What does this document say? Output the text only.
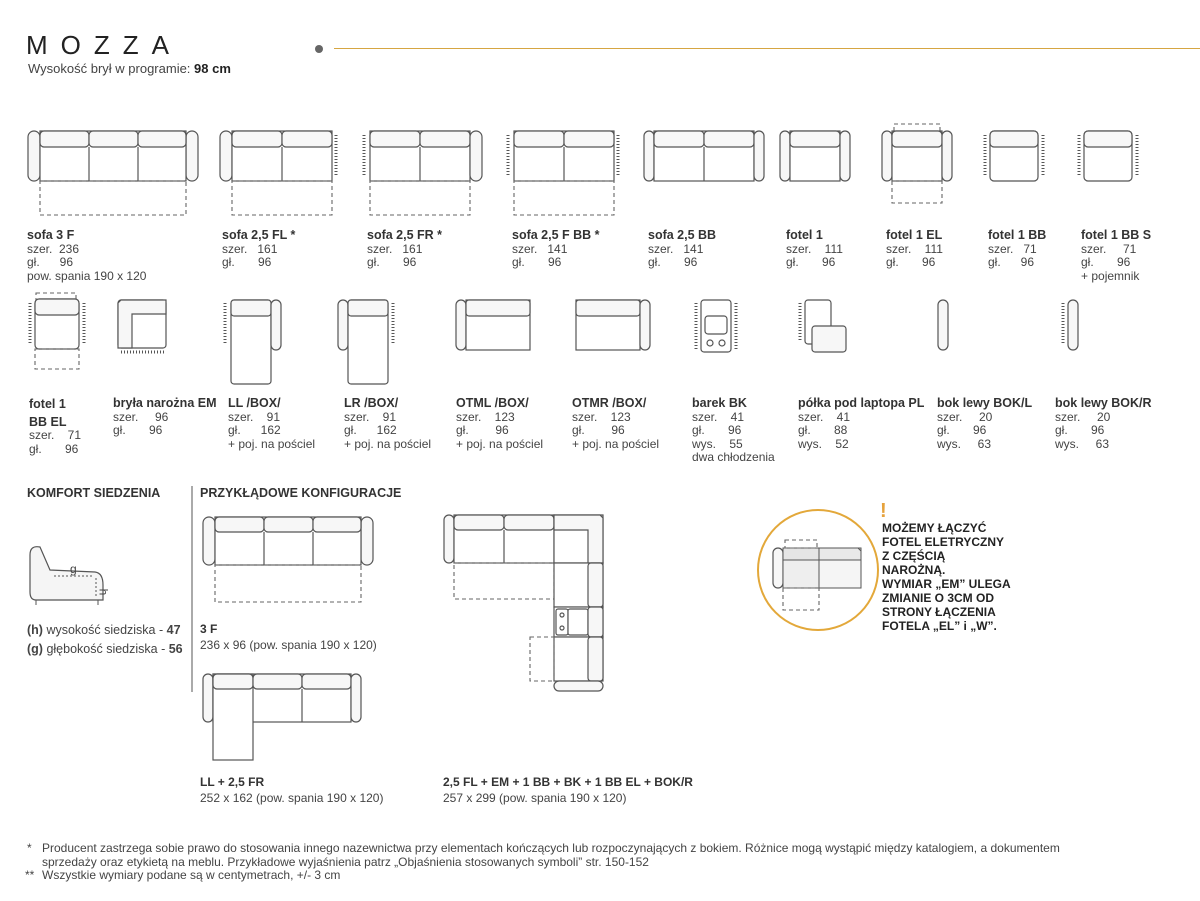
MOZZA
Wysokość brył w programie: 98 cm
sofa 3 F
szer.  236
gł.      96
pow. spania 190 x 120
sofa 2,5 FL *
szer.   161
gł.       96
sofa 2,5 FR *
szer.   161
gł.       96
sofa 2,5 F BB *
szer.   141
gł.       96
sofa 2,5 BB
szer.   141
gł.       96
fotel 1
szer.    111
gł.       96
fotel 1 EL
szer.    111
gł.       96
fotel 1 BB
szer.   71
gł.      96
fotel 1 BB S
szer.     71
gł.       96
+ pojemnik
fotel 1
BB EL
szer.    71
gł.       96
bryła narożna EM
szer.     96
gł.       96
LL /BOX/
szer.    91
gł.      162
+ poj. na pościel
LR /BOX/
szer.    91
gł.      162
+ poj. na pościel
OTML /BOX/
szer.    123
gł.        96
+ poj. na pościel
OTMR /BOX/
szer.    123
gł.        96
+ poj. na pościel
barek BK
szer.    41
gł.       96
wys.    55
dwa chłodzenia
półka pod laptopa PL
szer.    41
gł.       88
wys.    52
bok lewy BOK/L
szer.     20
gł.       96
wys.     63
bok lewy BOK/R
szer.     20
gł.       96
wys.     63
KOMFORT SIEDZENIA
g
h
(h) wysokość siedziska - 47
(g) głębokość siedziska - 56
PRZYKŁĄDOWE KONFIGURACJE
3 F
236 x 96 (pow. spania 190 x 120)
LL + 2,5 FR
252 x 162 (pow. spania 190 x 120)
2,5 FL + EM + 1 BB + BK + 1 BB EL + BOK/R
257 x 299 (pow. spania 190 x 120)
!
MOŻEMY ŁĄCZYĆ
FOTEL ELETRYCZNY
Z CZĘŚCIĄ
NAROŻNĄ.
WYMIAR „EM” ULEGA
ZMIANIE O 3CM OD
STRONY ŁĄCZENIA
FOTELA „EL” i „W”.
* Producent zastrzega sobie prawo do stosowania innego nazewnictwa przy elementach kończących lub rozpoczynających z bokiem. Różnice mogą wystąpić między katalogiem, a dokumentem
sprzedaży oraz etykietą na meblu. Przykładowe wyjaśnienia patrz „Objaśnienia stosowanych symboli” str. 150-152
** Wszystkie wymiary podane są w centymetrach, +/- 3 cm
